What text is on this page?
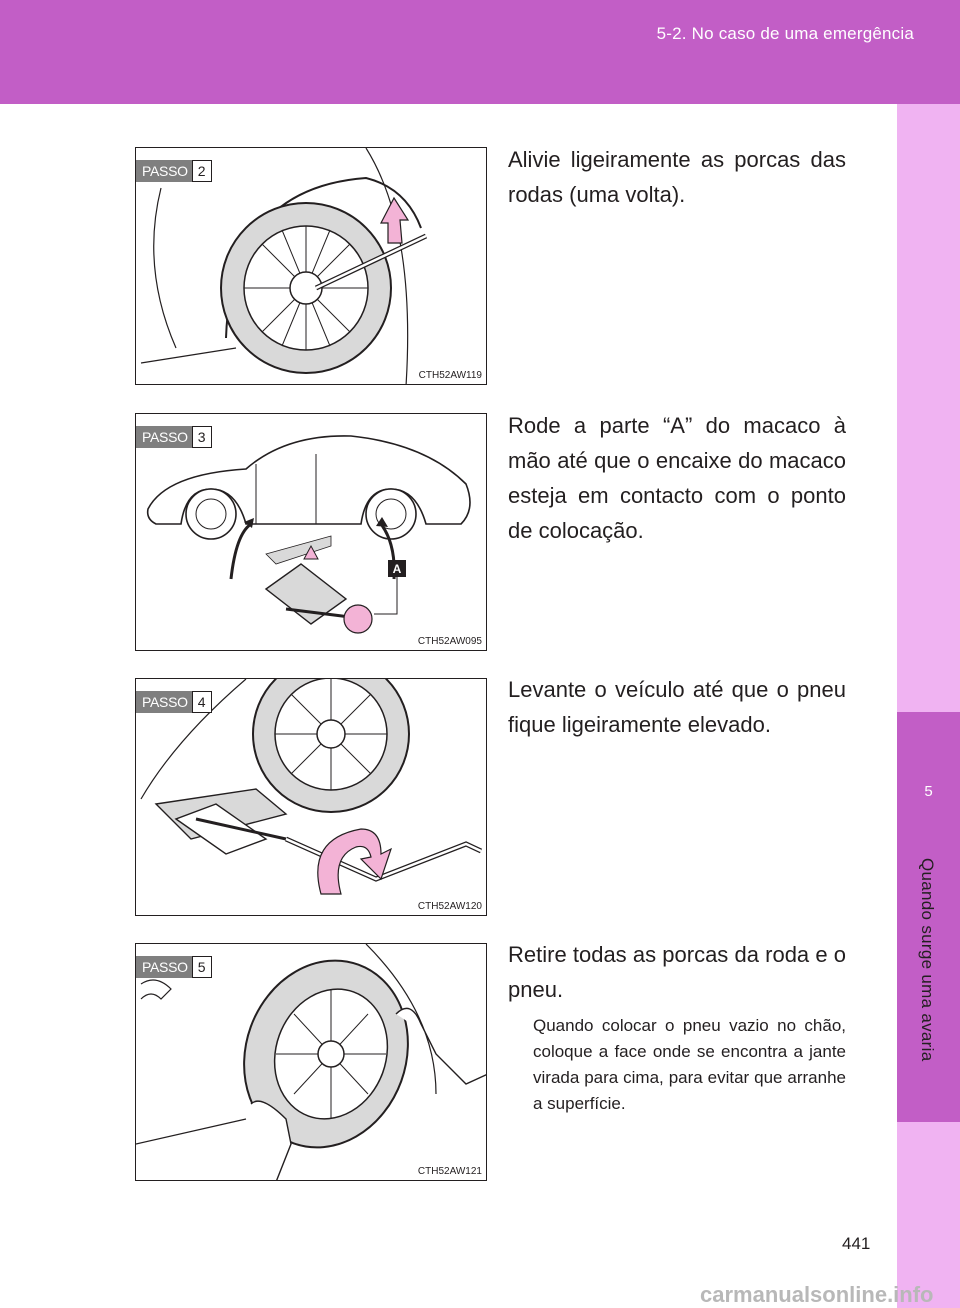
5-2. No caso de uma emergência
5
Quando surge uma avaria
PASSO 2
CTH52AW119
Alivie ligeiramente as porcas das rodas (uma volta).
A
PASSO 3
CTH52AW095
Rode a parte “A” do macaco à mão até que o encaixe do macaco esteja em contacto com o ponto de colocação.
PASSO 4
CTH52AW120
Levante o veículo até que o pneu fique ligeiramente elevado.
PASSO 5
CTH52AW121
Retire todas as porcas da roda e o pneu.
Quando colocar o pneu vazio no chão, coloque a face onde se encontra a jante virada para cima, para evitar que arranhe a superfície.
441
carmanualsonline.info
